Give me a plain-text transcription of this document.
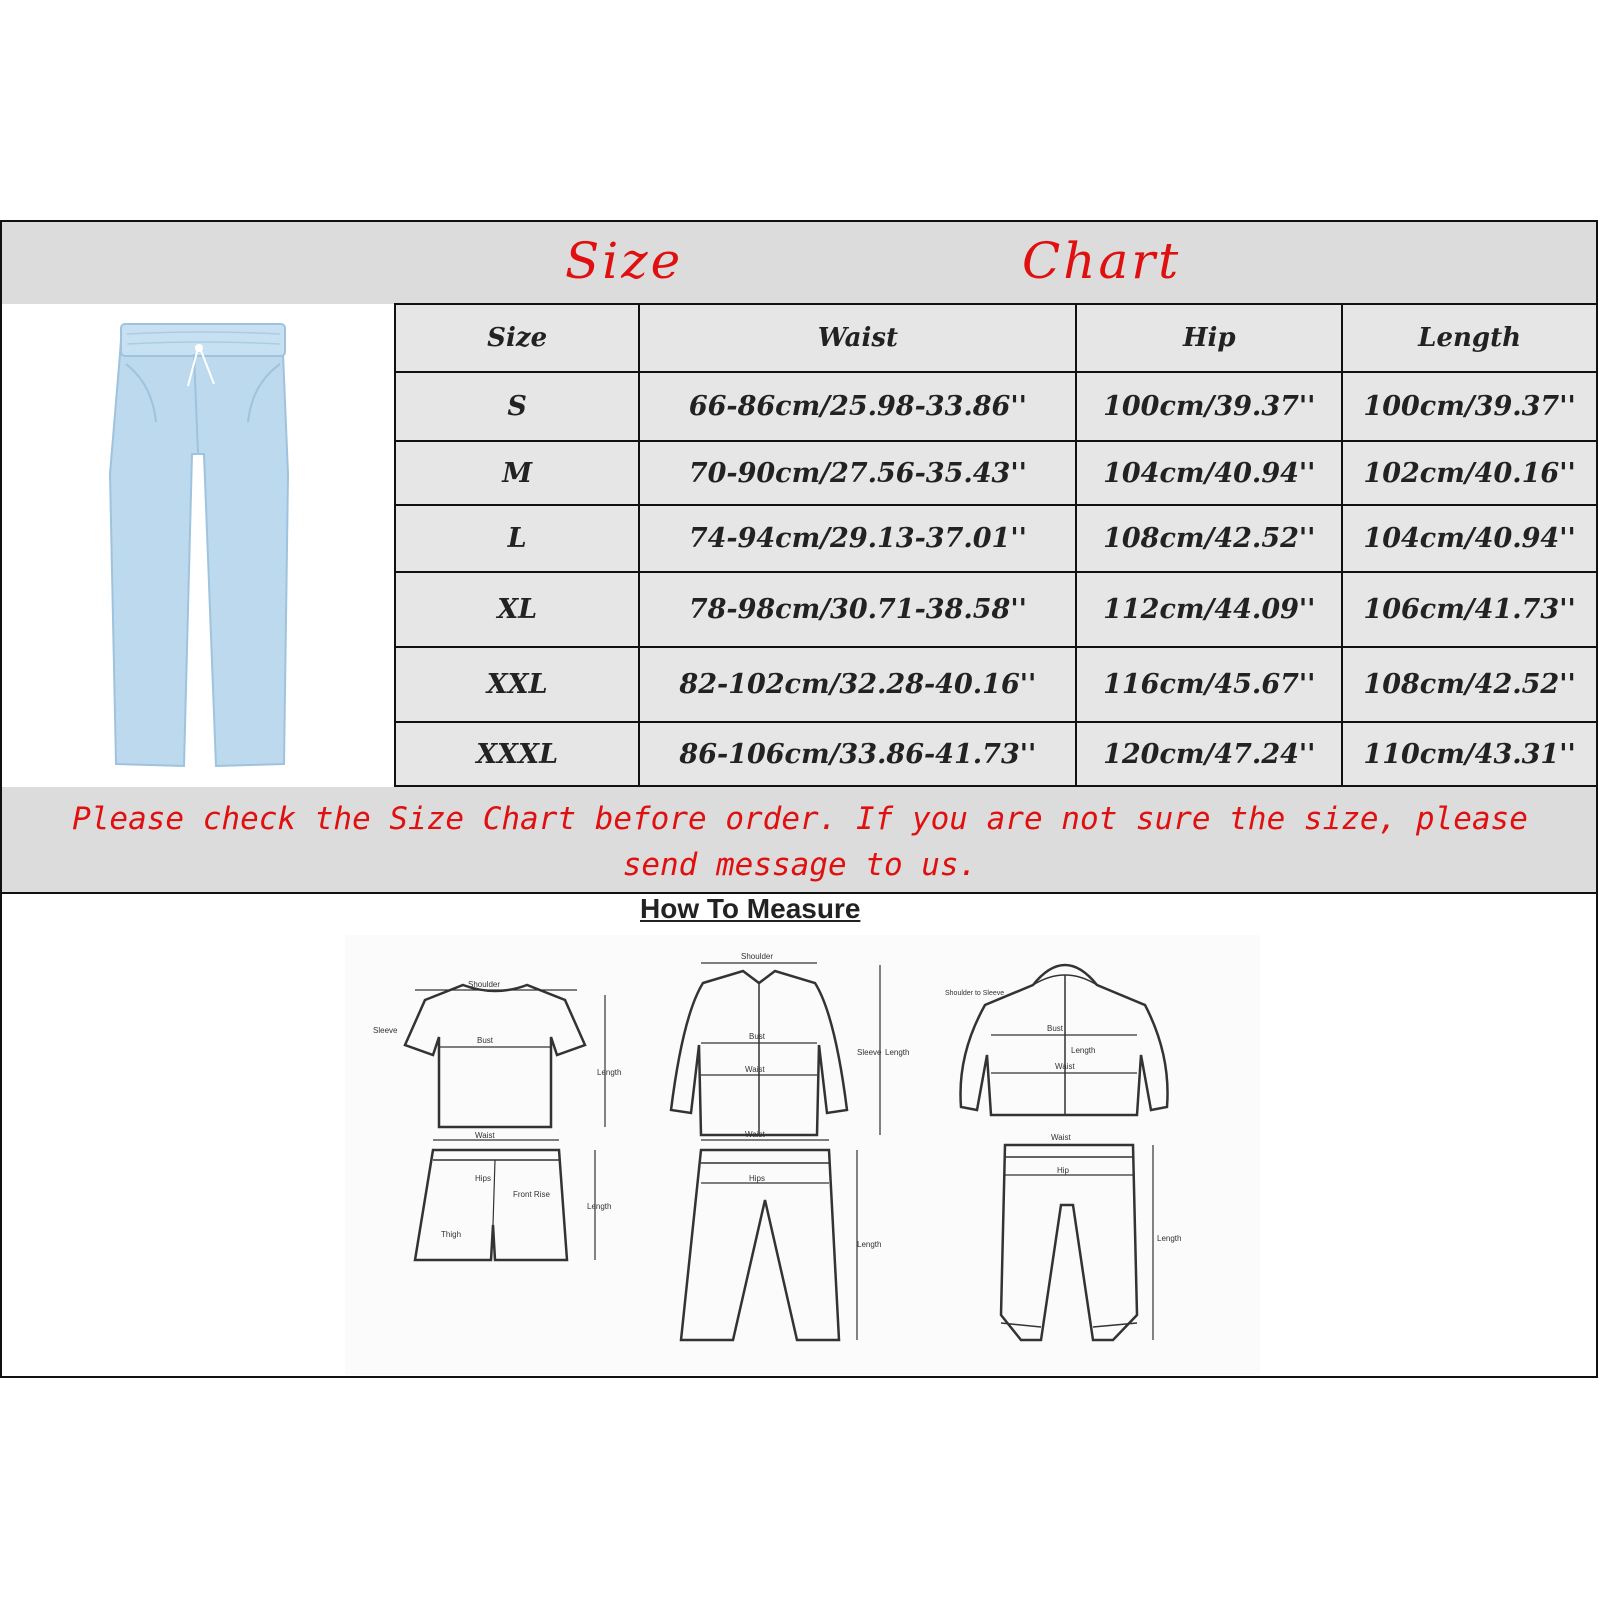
Size	Chart
Size	Waist	Hip	Length
S	66-86cm/25.98-33.86''	100cm/39.37''	100cm/39.37''
M	70-90cm/27.56-35.43''	104cm/40.94''	102cm/40.16''
L	74-94cm/29.13-37.01''	108cm/42.52''	104cm/40.94''
XL	78-98cm/30.71-38.58''	112cm/44.09''	106cm/41.73''
XXL	82-102cm/32.28-40.16''	116cm/45.67''	108cm/42.52''
XXXL	86-106cm/33.86-41.73''	120cm/47.24''	110cm/43.31''
Please check the Size Chart before order. If you are not sure the size, please
send message to us.
How To Measure
Shoulder
Bust
Length
Sleeve
Waist
Hips
Front Rise
Thigh
Length
Shoulder
Bust
Waist
Sleeve Length
Waist
Hips
Length
Bust
Waist
Length
Shoulder to Sleeve
Waist
Hip
Length
